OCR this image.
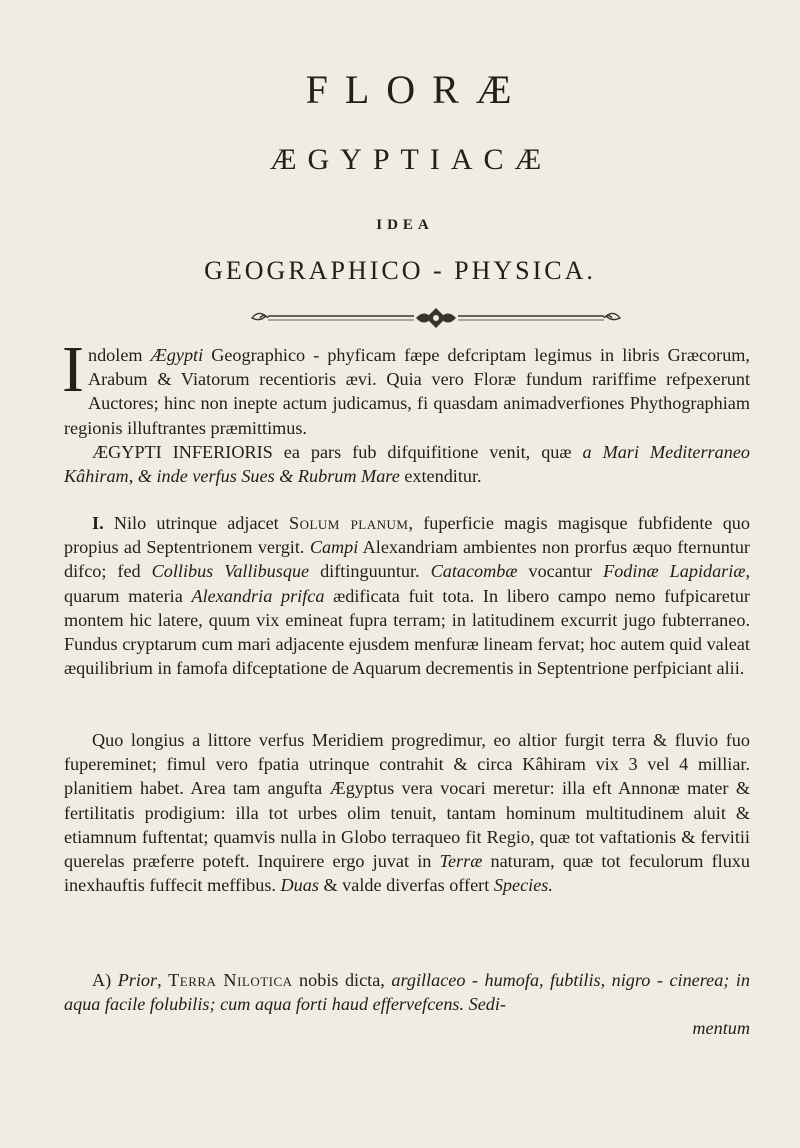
FLORÆ
ÆGYPTIACÆ
IDEA
GEOGRAPHICO - PHYSICA.

Indolem Ægypti Geographico - phyficam fæpe defcriptam legimus in libris Græcorum, Arabum & Viatorum recentioris ævi. Quia vero Floræ fundum rariffime refpexerunt Auctores; hinc non inepte actum judicamus, fi quasdam animadverfiones Phythographiam regionis illuftrantes præmittimus.

ÆGYPTI INFERIORIS ea pars fub difquifitione venit, quæ a Mari Mediterraneo Kâhiram, & inde verfus Sues & Rubrum Mare extenditur.

I. Nilo utrinque adjacet Solum planum, fuperficie magis magisque fubfidente quo propius ad Septentrionem vergit. Campi Alexandriam ambientes non prorfus æquo fternuntur difco; fed Collibus Vallibusque diftinguuntur. Catacombæ vocantur Fodinæ Lapidariæ, quarum materia Alexandria prifca ædificata fuit tota. In libero campo nemo fufpicaretur montem hic latere, quum vix emineat fupra terram; in latitudinem excurrit jugo fubterraneo. Fundus cryptarum cum mari adjacente ejusdem menfuræ lineam fervat; hoc autem quid valeat æquilibrium in famofa difceptatione de Aquarum decrementis in Septentrione perfpiciant alii.

Quo longius a littore verfus Meridiem progredimur, eo altior furgit terra & fluvio fuo fupereminet; fimul vero fpatia utrinque contrahit & circa Kâhiram vix 3 vel 4 milliar. planitiem habet. Area tam angufta Ægyptus vera vocari meretur: illa eft Annonæ mater & fertilitatis prodigium: illa tot urbes olim tenuit, tantam hominum multitudinem aluit & etiamnum fuftentat; quamvis nulla in Globo terraqueo fit Regio, quæ tot vaftationis & fervitii querelas præferre poteft. Inquirere ergo juvat in Terræ naturam, quæ tot feculorum fluxu inexhauftis fuffecit meffibus. Duas & valde diverfas offert Species.

A) Prior, Terra Nilotica nobis dicta, argillaceo - humofa, fubtilis, nigro - cinerea; in aqua facile folubilis; cum aqua forti haud effervefcens. Sedi-

mentum
